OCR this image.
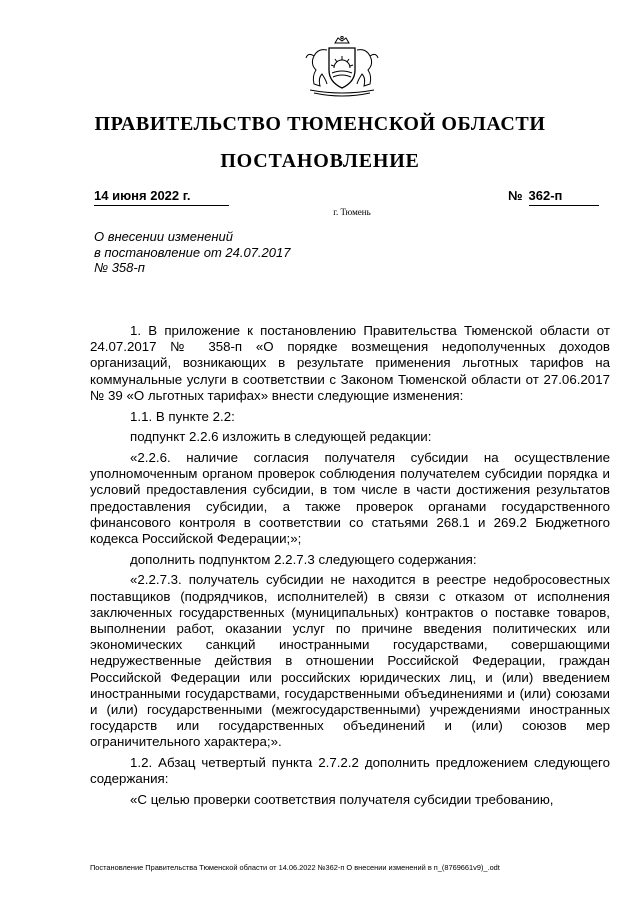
ПРАВИТЕЛЬСТВО ТЮМЕНСКОЙ ОБЛАСТИ
ПОСТАНОВЛЕНИЕ
14 июня 2022 г.	№ 362-п
г. Тюмень
О внесении изменений
в постановление от 24.07.2017
№ 358-п

1. В приложение к постановлению Правительства Тюменской области от 24.07.2017 № 358-п «О порядке возмещения недополученных доходов организаций, возникающих в результате применения льготных тарифов на коммунальные услуги в соответствии с Законом Тюменской области от 27.06.2017 № 39 «О льготных тарифах» внести следующие изменения:

1.1. В пункте 2.2:

подпункт 2.2.6 изложить в следующей редакции:

«2.2.6. наличие согласия получателя субсидии на осуществление уполномоченным органом проверок соблюдения получателем субсидии порядка и условий предоставления субсидии, в том числе в части достижения результатов предоставления субсидии, а также проверок органами государственного финансового контроля в соответствии со статьями 268.1 и 269.2 Бюджетного кодекса Российской Федерации;»;

дополнить подпунктом 2.2.7.3 следующего содержания:

«2.2.7.3. получатель субсидии не находится в реестре недобросовестных поставщиков (подрядчиков, исполнителей) в связи с отказом от исполнения заключенных государственных (муниципальных) контрактов о поставке товаров, выполнении работ, оказании услуг по причине введения политических или экономических санкций иностранными государствами, совершающими недружественные действия в отношении Российской Федерации, граждан Российской Федерации или российских юридических лиц, и (или) введением иностранными государствами, государственными объединениями и (или) союзами и (или) государственными (межгосударственными) учреждениями иностранных государств или государственных объединений и (или) союзов мер ограничительного характера;».

1.2. Абзац четвертый пункта 2.7.2.2 дополнить предложением следующего содержания:

«С целью проверки соответствия получателя субсидии требованию,

Постановление Правительства Тюменской области от 14.06.2022 №362-п О внесении изменений в п_(8769661v9)_.odt
